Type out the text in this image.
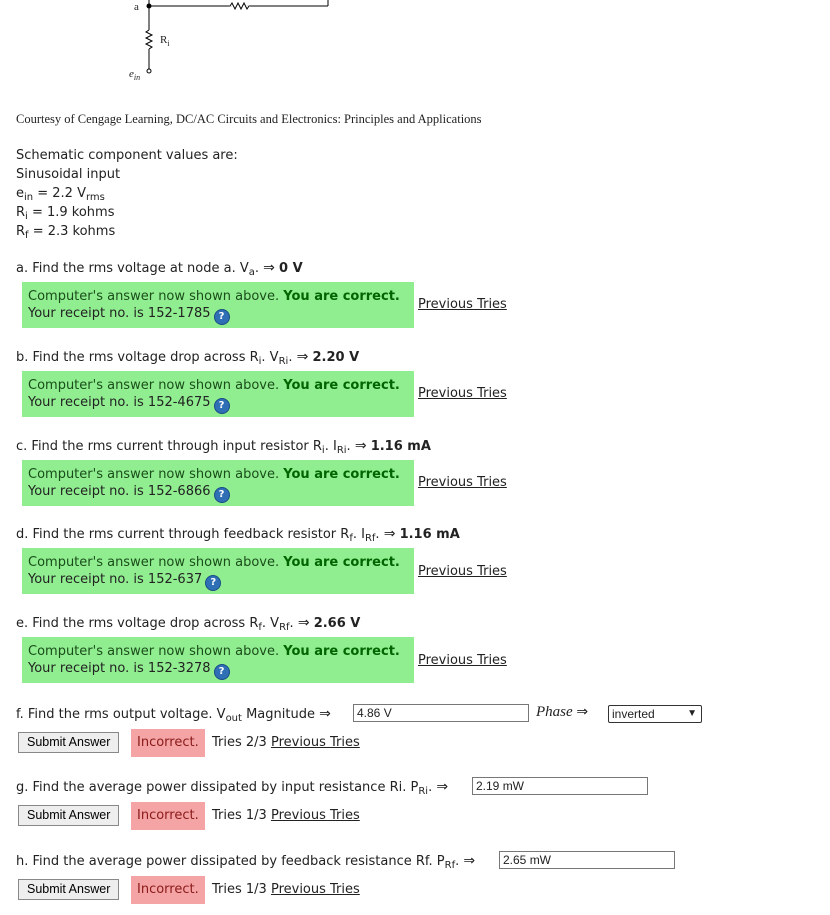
a
$R_i$
$e_{in}$
Courtesy of Cengage Learning, DC/AC Circuits and Electronics: Principles and Applications
Schematic component values are:
Sinusoidal input
$e_{in} = 2.2$ $V_{rms}$
$R_i = 1.9$ kohms
$R_f = 2.3$ kohms
a. Find the rms voltage at node a. $V_a$. ⇒ 0 V
Computer's answer now shown above. You are correct.
Your receipt no. is 152-1785 ?
Previous Tries
b. Find the rms voltage drop across $R_i$. $V_{Ri}$. ⇒ 2.20 V
Computer's answer now shown above. You are correct.
Your receipt no. is 152-4675 ?
Previous Tries
c. Find the rms current through input resistor $R_i$. $I_{Ri}$. ⇒ 1.16 mA
Computer's answer now shown above. You are correct.
Your receipt no. is 152-6866 ?
Previous Tries
d. Find the rms current through feedback resistor $R_f$. $I_{Rf}$. ⇒ 1.16 mA
Computer's answer now shown above. You are correct.
Your receipt no. is 152-637 ?
Previous Tries
e. Find the rms voltage drop across $R_f$. $V_{Rf}$. ⇒ 2.66 V
Computer's answer now shown above. You are correct.
Your receipt no. is 152-3278 ?
Previous Tries
f. Find the rms output voltage. $V_{out}$ Magnitude ⇒	4.86 V	Phase ⇒	inverted	▼
Submit Answer	Incorrect.	Tries 2/3 Previous Tries
g. Find the average power dissipated by input resistance Ri. $P_{Ri}$. ⇒	2.19 mW
Submit Answer	Incorrect.	Tries 1/3 Previous Tries
h. Find the average power dissipated by feedback resistance Rf. $P_{Rf}$. ⇒	2.65 mW
Submit Answer	Incorrect.	Tries 1/3 Previous Tries
